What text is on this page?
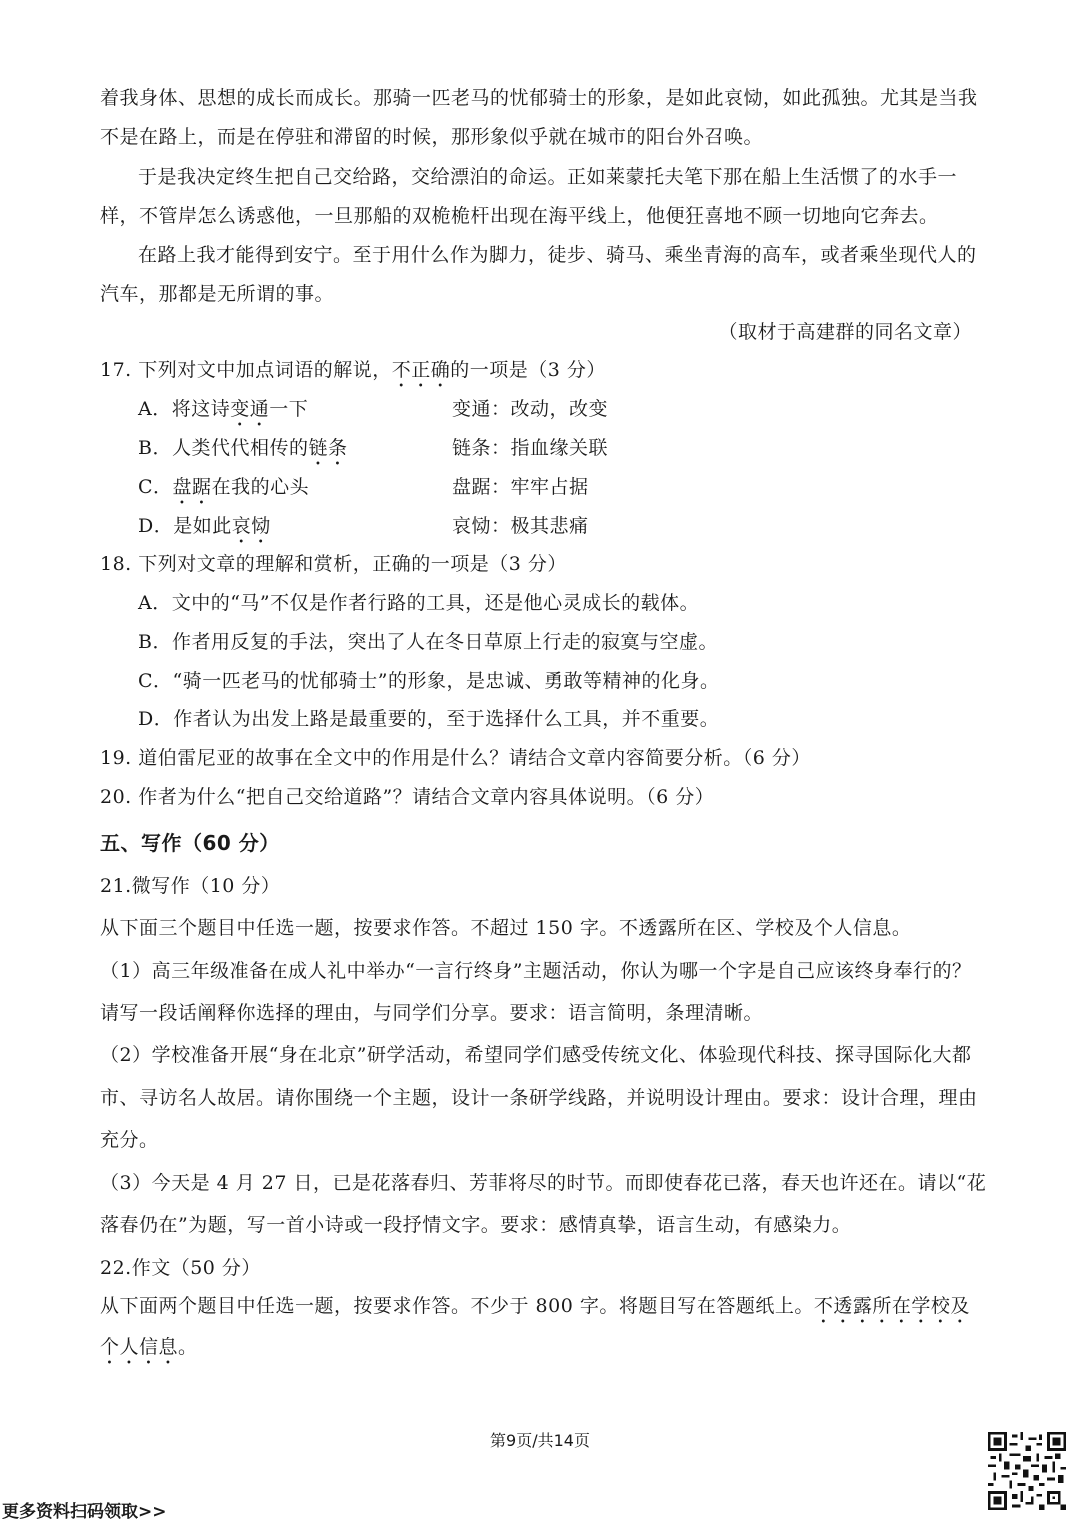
着我身体、思想的成长而成长。那骑一匹老马的忧郁骑士的形象，是如此哀恸，如此孤独。尤其是当我
不是在路上，而是在停驻和滞留的时候，那形象似乎就在城市的阳台外召唤。
于是我决定终生把自己交给路，交给漂泊的命运。正如莱蒙托夫笔下那在船上生活惯了的水手一
样，不管岸怎么诱惑他，一旦那船的双桅桅杆出现在海平线上，他便狂喜地不顾一切地向它奔去。
在路上我才能得到安宁。至于用什么作为脚力，徒步、骑马、乘坐青海的高车，或者乘坐现代人的
汽车，那都是无所谓的事。
（取材于高建群的同名文章）
17. 下列对文中加点词语的解说，不正确的一项是（3 分）
A．将这诗变通一下	变通：改动，改变
B．人类代代相传的链条	链条：指血缘关联
C．盘踞在我的心头	盘踞：牢牢占据
D．是如此哀恸	哀恸：极其悲痛
18. 下列对文章的理解和赏析，正确的一项是（3 分）
A．文中的“马”不仅是作者行路的工具，还是他心灵成长的载体。
B．作者用反复的手法，突出了人在冬日草原上行走的寂寞与空虚。
C．“骑一匹老马的忧郁骑士”的形象，是忠诚、勇敢等精神的化身。
D．作者认为出发上路是最重要的，至于选择什么工具，并不重要。
19. 道伯雷尼亚的故事在全文中的作用是什么？请结合文章内容简要分析。（6 分）
20. 作者为什么“把自己交给道路”？请结合文章内容具体说明。（6 分）
五、写作（60 分）
21.微写作（10 分）
从下面三个题目中任选一题，按要求作答。不超过 150 字。不透露所在区、学校及个人信息。
（1）高三年级准备在成人礼中举办“一言行终身”主题活动，你认为哪一个字是自己应该终身奉行的？
请写一段话阐释你选择的理由，与同学们分享。要求：语言简明，条理清晰。
（2）学校准备开展“身在北京”研学活动，希望同学们感受传统文化、体验现代科技、探寻国际化大都
市、寻访名人故居。请你围绕一个主题，设计一条研学线路，并说明设计理由。要求：设计合理，理由
充分。
（3）今天是 4 月 27 日，已是花落春归、芳菲将尽的时节。而即使春花已落，春天也许还在。请以“花
落春仍在”为题，写一首小诗或一段抒情文字。要求：感情真挚，语言生动，有感染力。
22.作文（50 分）
从下面两个题目中任选一题，按要求作答。不少于 800 字。将题目写在答题纸上。不透露所在学校及
个人信息。
第9页/共14页
更多资料扫码领取>>
